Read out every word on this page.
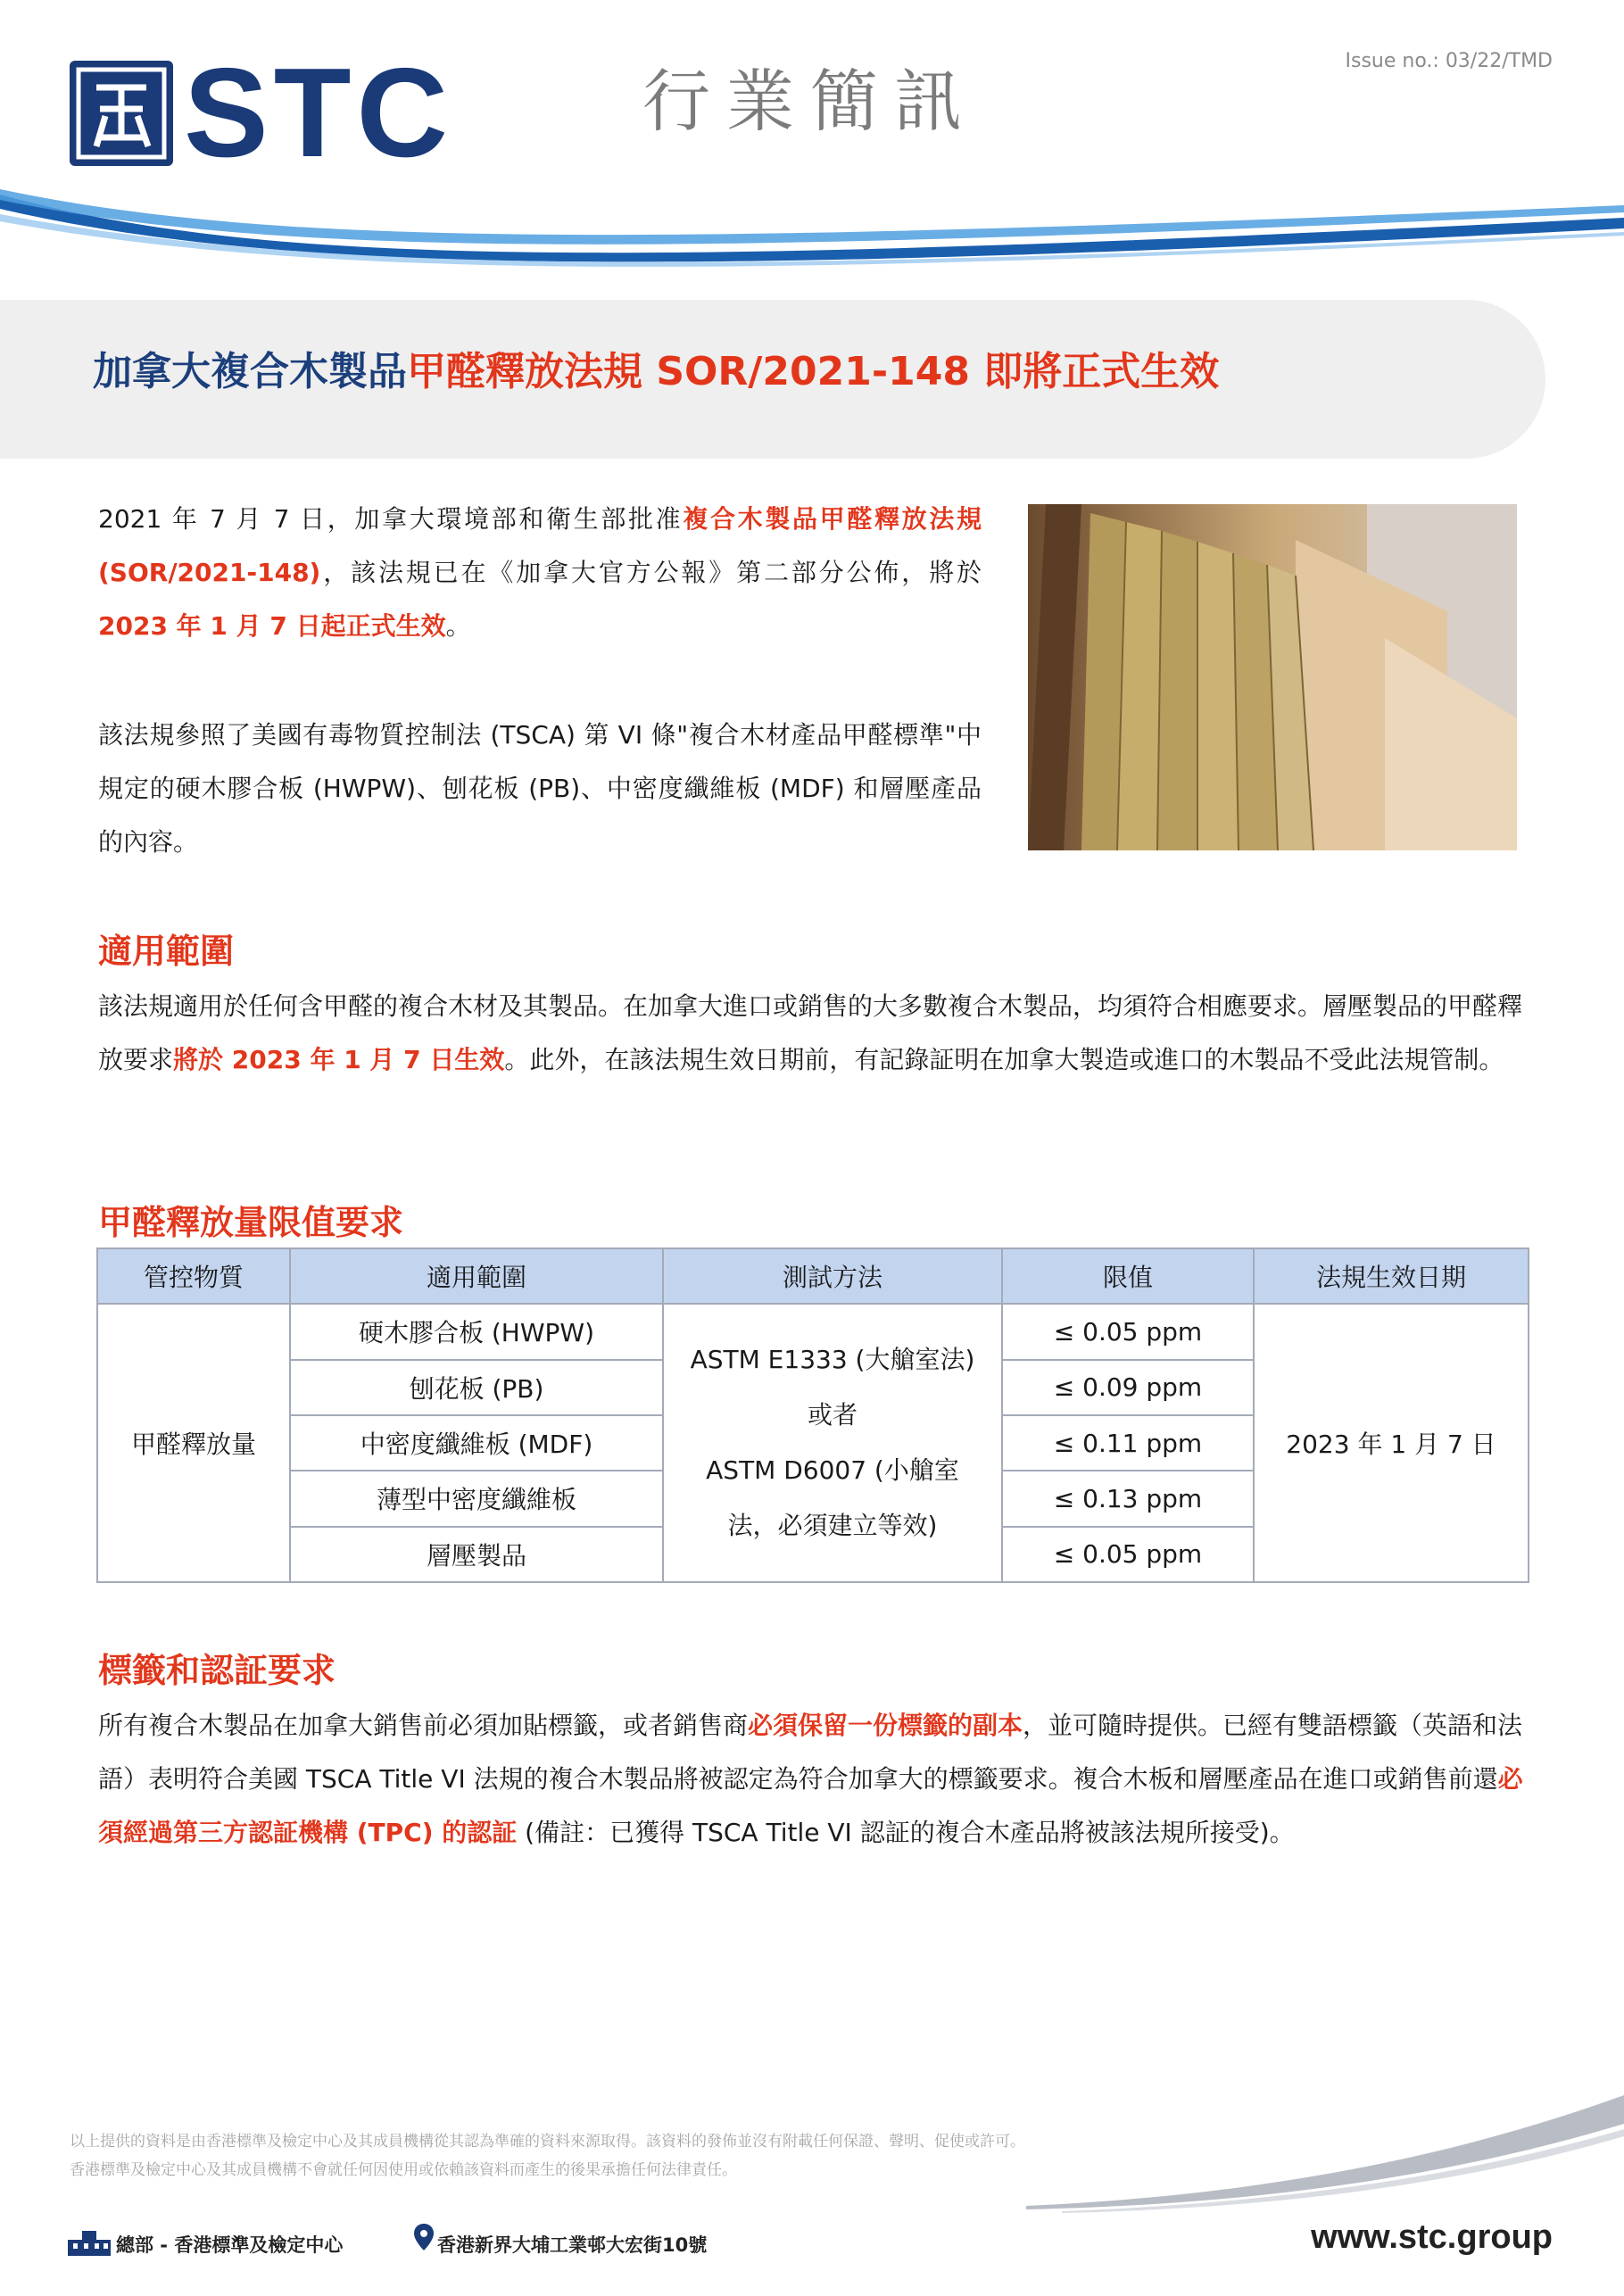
STC	行業簡訊
Issue no.: 03/22/TMD
加拿大複合木製品甲醛釋放法規 SOR/2021-148 即將正式生效
2021 年 7 月 7 日，加拿大環境部和衛生部批准複合木製品甲醛釋放法規 (SOR/2021-148)，該法規已在《加拿大官方公報》第二部分公佈，將於 2023 年 1 月 7 日起正式生效。
該法規參照了美國有毒物質控制法 (TSCA) 第 VI 條"複合木材產品甲醛標準"中規定的硬木膠合板 (HWPW)、刨花板 (PB)、中密度纖維板 (MDF) 和層壓產品的內容。
適用範圍
該法規適用於任何含甲醛的複合木材及其製品。在加拿大進口或銷售的大多數複合木製品，均須符合相應要求。層壓製品的甲醛釋放要求將於 2023 年 1 月 7 日生效。此外，在該法規生效日期前，有記錄証明在加拿大製造或進口的木製品不受此法規管制。
甲醛釋放量限值要求
管控物質	適用範圍	測試方法	限值	法規生效日期
甲醛釋放量	硬木膠合板 (HWPW)	ASTM E1333 (大艙室法)
或者
ASTM D6007 (小艙室
法，必須建立等效)	≤ 0.05 ppm	2023 年 1 月 7 日
	刨花板 (PB)		≤ 0.09 ppm	
	中密度纖維板 (MDF)		≤ 0.11 ppm	
	薄型中密度纖維板		≤ 0.13 ppm	
	層壓製品		≤ 0.05 ppm	
標籤和認証要求
所有複合木製品在加拿大銷售前必須加貼標籤，或者銷售商必須保留一份標籤的副本，並可隨時提供。已經有雙語標籤（英語和法語）表明符合美國 TSCA Title VI 法規的複合木製品將被認定為符合加拿大的標籤要求。複合木板和層壓產品在進口或銷售前還必須經過第三方認証機構 (TPC) 的認証 (備註：已獲得 TSCA Title VI 認証的複合木產品將被該法規所接受)。
以上提供的資料是由香港標準及檢定中心及其成員機構從其認為準確的資料來源取得。該資料的發佈並沒有附載任何保證、聲明、促使或許可。
香港標準及檢定中心及其成員機構不會就任何因使用或依賴該資料而產生的後果承擔任何法律責任。
總部 - 香港標準及檢定中心	香港新界大埔工業邨大宏街10號	www.stc.group
